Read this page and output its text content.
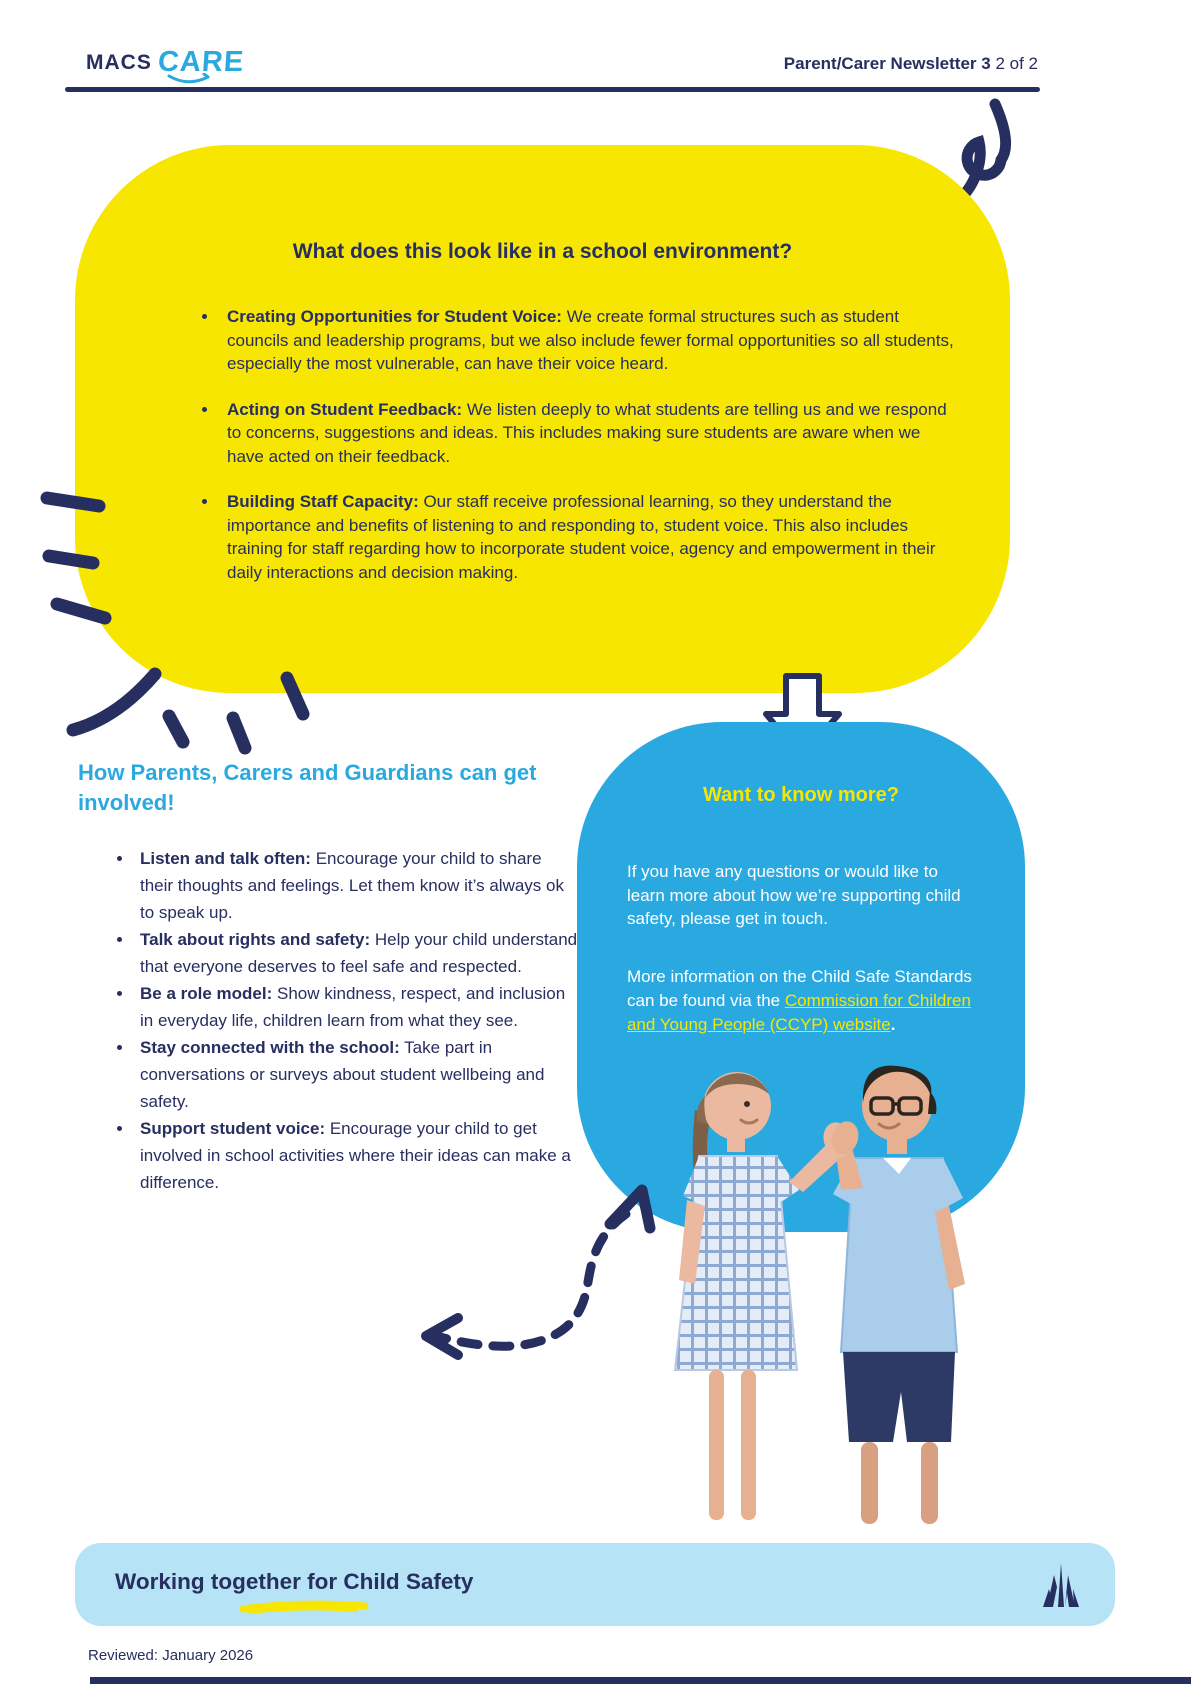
MACS CARE	Parent/Carer Newsletter 3 2 of 2
What does this look like in a school environment?
• Creating Opportunities for Student Voice: We create formal structures such as student councils and leadership programs, but we also include fewer formal opportunities so all students, especially the most vulnerable, can have their voice heard.
• Acting on Student Feedback: We listen deeply to what students are telling us and we respond to concerns, suggestions and ideas. This includes making sure students are aware when we have acted on their feedback.
• Building Staff Capacity: Our staff receive professional learning, so they understand the importance and benefits of listening to and responding to, student voice. This also includes training for staff regarding how to incorporate student voice, agency and empowerment in their daily interactions and decision making.
How Parents, Carers and Guardians can get involved!
• Listen and talk often: Encourage your child to share their thoughts and feelings. Let them know it’s always ok to speak up.
• Talk about rights and safety: Help your child understand that everyone deserves to feel safe and respected.
• Be a role model: Show kindness, respect, and inclusion in everyday life, children learn from what they see.
• Stay connected with the school: Take part in conversations or surveys about student wellbeing and safety.
• Support student voice: Encourage your child to get involved in school activities where their ideas can make a difference.
Want to know more?
If you have any questions or would like to learn more about how we’re supporting child safety, please get in touch.
More information on the Child Safe Standards can be found via the Commission for Children and Young People (CCYP) website.
Working together for Child Safety
Reviewed: January 2026
